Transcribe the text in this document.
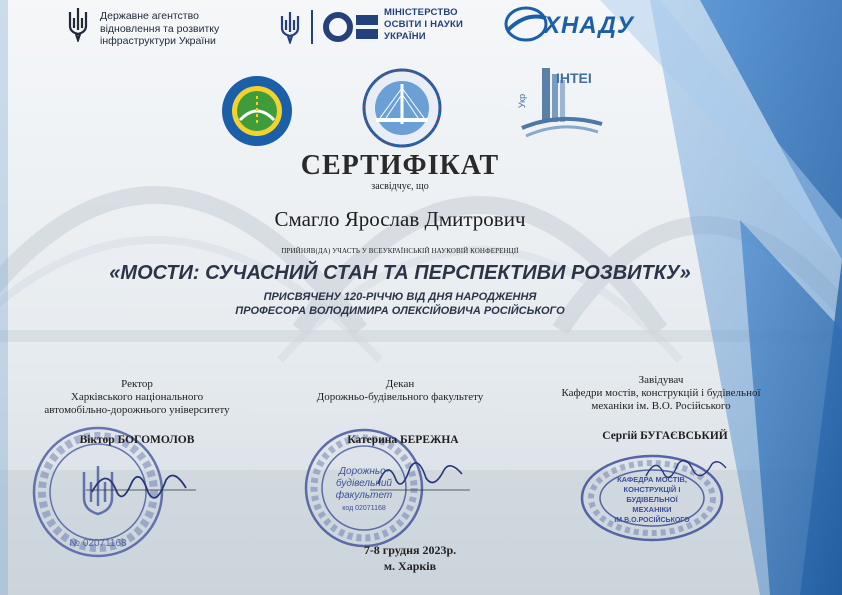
Державне агентство
відновлення та розвитку
інфраструктури України
МІНІСТЕРСТВО
ОСВІТИ І НАУКИ
УКРАЇНИ	ХНАДУ
ІНТЕІ
Укр
СЕРТИФІКАТ
засвідчує, що
Смагло Ярослав Дмитрович
ПРИЙНЯВ(ДА) УЧАСТЬ У ВСЕУКРАЇНСЬКІЙ НАУКОВІЙ КОНФЕРЕНЦІЇ
«МОСТИ: СУЧАСНИЙ СТАН ТА ПЕРСПЕКТИВИ РОЗВИТКУ»
ПРИСВЯЧЕНУ 120-РІЧЧЮ ВІД ДНЯ НАРОДЖЕННЯ
ПРОФЕСОРА ВОЛОДИМИРА ОЛЕКСІЙОВИЧА РОСІЙСЬКОГО
Ректор
Харківського національного
автомобільно-дорожнього університету
№ 02071168
Віктор БОГОМОЛОВ
Декан
Дорожньо-будівельного факультету
Дорожньо-
будівельний
факультет
код 02071168
Катерина БЕРЕЖНА
Завідувач
Кафедри мостів, конструкцій і будівельної
механіки ім. В.О. Російського
Сергій БУГАЄВСЬКИЙ
КАФЕДРА МОСТІВ,
КОНСТРУКЦІЙ І
БУДІВЕЛЬНОЇ
МЕХАНІКИ
ІМ.В.О.РОСІЙСЬКОГО
7-8 грудня 2023р.
м. Харків
